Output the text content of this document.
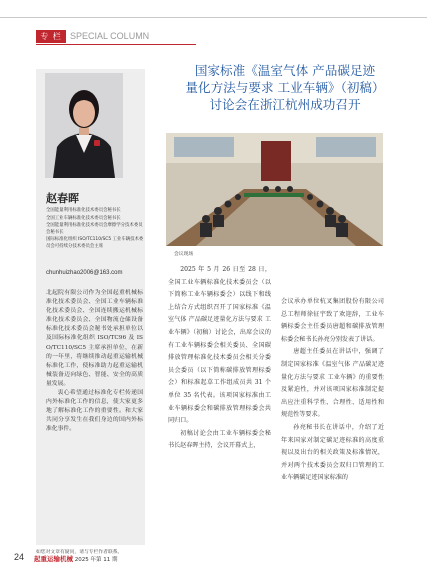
专 栏 SPECIAL COLUMN

赵春晖

全国能量利用标准化技术委员会秘书长
全国工业车辆标准化技术委员会秘书长
全国能量利用标准化技术委员会摩擦学分技术委员会秘书长
国际标准化组织 ISO/TC110/SC5 工业车辆技术委员会可持续分技术委员会主席

chunhuizhao2006@163.com

北起院有限公司作为全国起重机械标准化技术委员会、全国工业车辆标准化技术委员会、全国连续搬运机械标准化技术委员会、全国物流仓储设备标准化技术委员会秘书处承担单位以及国际标准化组织 ISO/TC96 及 ISO/TC110/SC5 主席承担单位，在新的一年里，将继续推动起重运输机械标准化工作，使标准助力起重运输机械装备迈向绿色、智能、安全的高质量发展。
衷心希望通过标准化专栏传递国内外标准化工作的信息，使大家更多地了解标准化工作的重要性。和大家共同分享发生在我们身边的国内外标准化事件。

如您对文章有疑问，请与专栏作者联系。

国家标准《温室气体 产品碳足迹
量化方法与要求 工业车辆》（初稿）
讨论会在浙江杭州成功召开

会议现场

2025 年 5 月 26 日至 28 日，全国工业车辆标准化技术委员会（以下简称工业车辆标委会）以线下和线上结合方式组织召开了国家标准《温室气体 产品碳足迹量化方法与要求 工业车辆》（初稿）讨论会，出席会议的有工业车辆标委会相关委员、全国碳排放管理标准化技术委员会相关分委员会委员（以下简称碳排放管理标委会）和标准起草工作组成员共 31 个单位 35 名代表。该项国家标准由工业车辆标委会和碳排放管理标委会共同归口。

初稿讨论会由工业车辆标委会秘书长赵春晖主持，会议开幕式上，

会议承办单位杭叉集团股份有限公司总工程师徐征宇致了欢迎辞，工业车辆标委会主任委员唐超和碳排放管理标委会秘书长孙亮分别发表了讲话。

唐超主任委员在讲话中，强调了制定国家标准《温室气体 产品碳足迹量化方法与要求 工业车辆》的重要性及紧迫性，并对该项国家标准制定提出应注重科学性、合理性、适用性和规范性等要求。

孙亮秘书长在讲话中，介绍了近年来国家对制定碳足迹标准的高度重视以及出台的相关政策及标准情况，并对两个技术委员会双归口管理的工业车辆碳足迹国家标准的

24 起重运输机械 2025 年第 11 期
